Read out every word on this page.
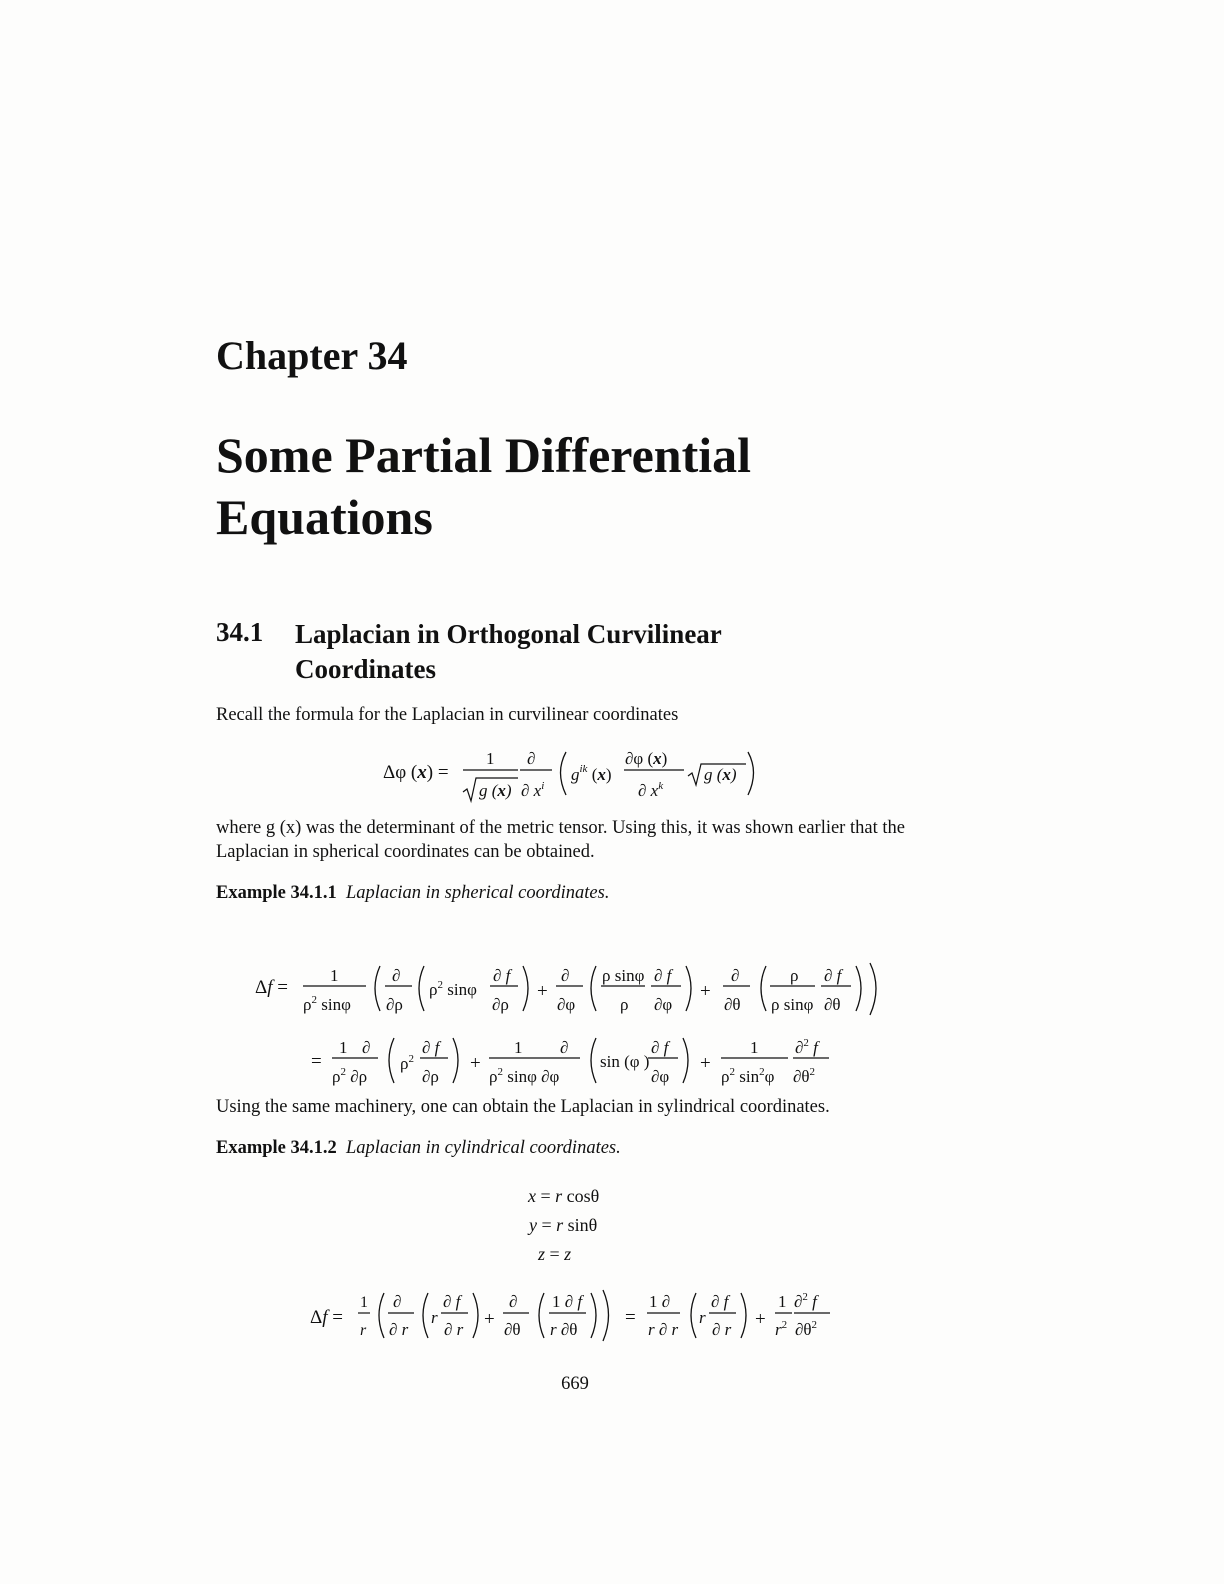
Chapter 34
Some Partial Differential Equations
34.1 Laplacian in Orthogonal Curvilinear Coordinates
Recall the formula for the Laplacian in curvilinear coordinates
Δφ (x) =
1
g (x)
∂
∂ $x^i$
$g^{ik}$ (x)
∂φ (x)
∂ $x^k$
g (x)
where g (x) was the determinant of the metric tensor. Using this, it was shown earlier that the Laplacian in spherical coordinates can be obtained.
Example 34.1.1 Laplacian in spherical coordinates.
Δf =
1
$\rho^2$ sinφ
∂
∂ρ
$\rho^2$ sinφ
∂ f
∂ρ
+
∂
∂φ
ρ sinφ
ρ
∂ f
∂φ
+
∂
∂θ
ρ
ρ sinφ
∂ f
∂θ
=
1 ∂
$\rho^2$ ∂ρ
$\rho^2$
∂ f
∂ρ
+
1 ∂
$\rho^2$ sinφ ∂φ
sin (φ )
∂ f
∂φ
+
1
$\rho^2$ $\sin^2\varphi$
∂$^2$ f
$\partial\theta^2$
Using the same machinery, one can obtain the Laplacian in sylindrical coordinates.
Example 34.1.2 Laplacian in cylindrical coordinates.
x = r cosθ
y = r sinθ
z = z
Δf =
1
r
∂
∂ r
r
∂ f
∂ r +
∂
∂θ
1 ∂ f
r ∂θ
=
1 ∂
r ∂ r
r
∂ f
∂ r +
1
$r^2$
∂$^2$ f
$\partial\theta^2$
669
